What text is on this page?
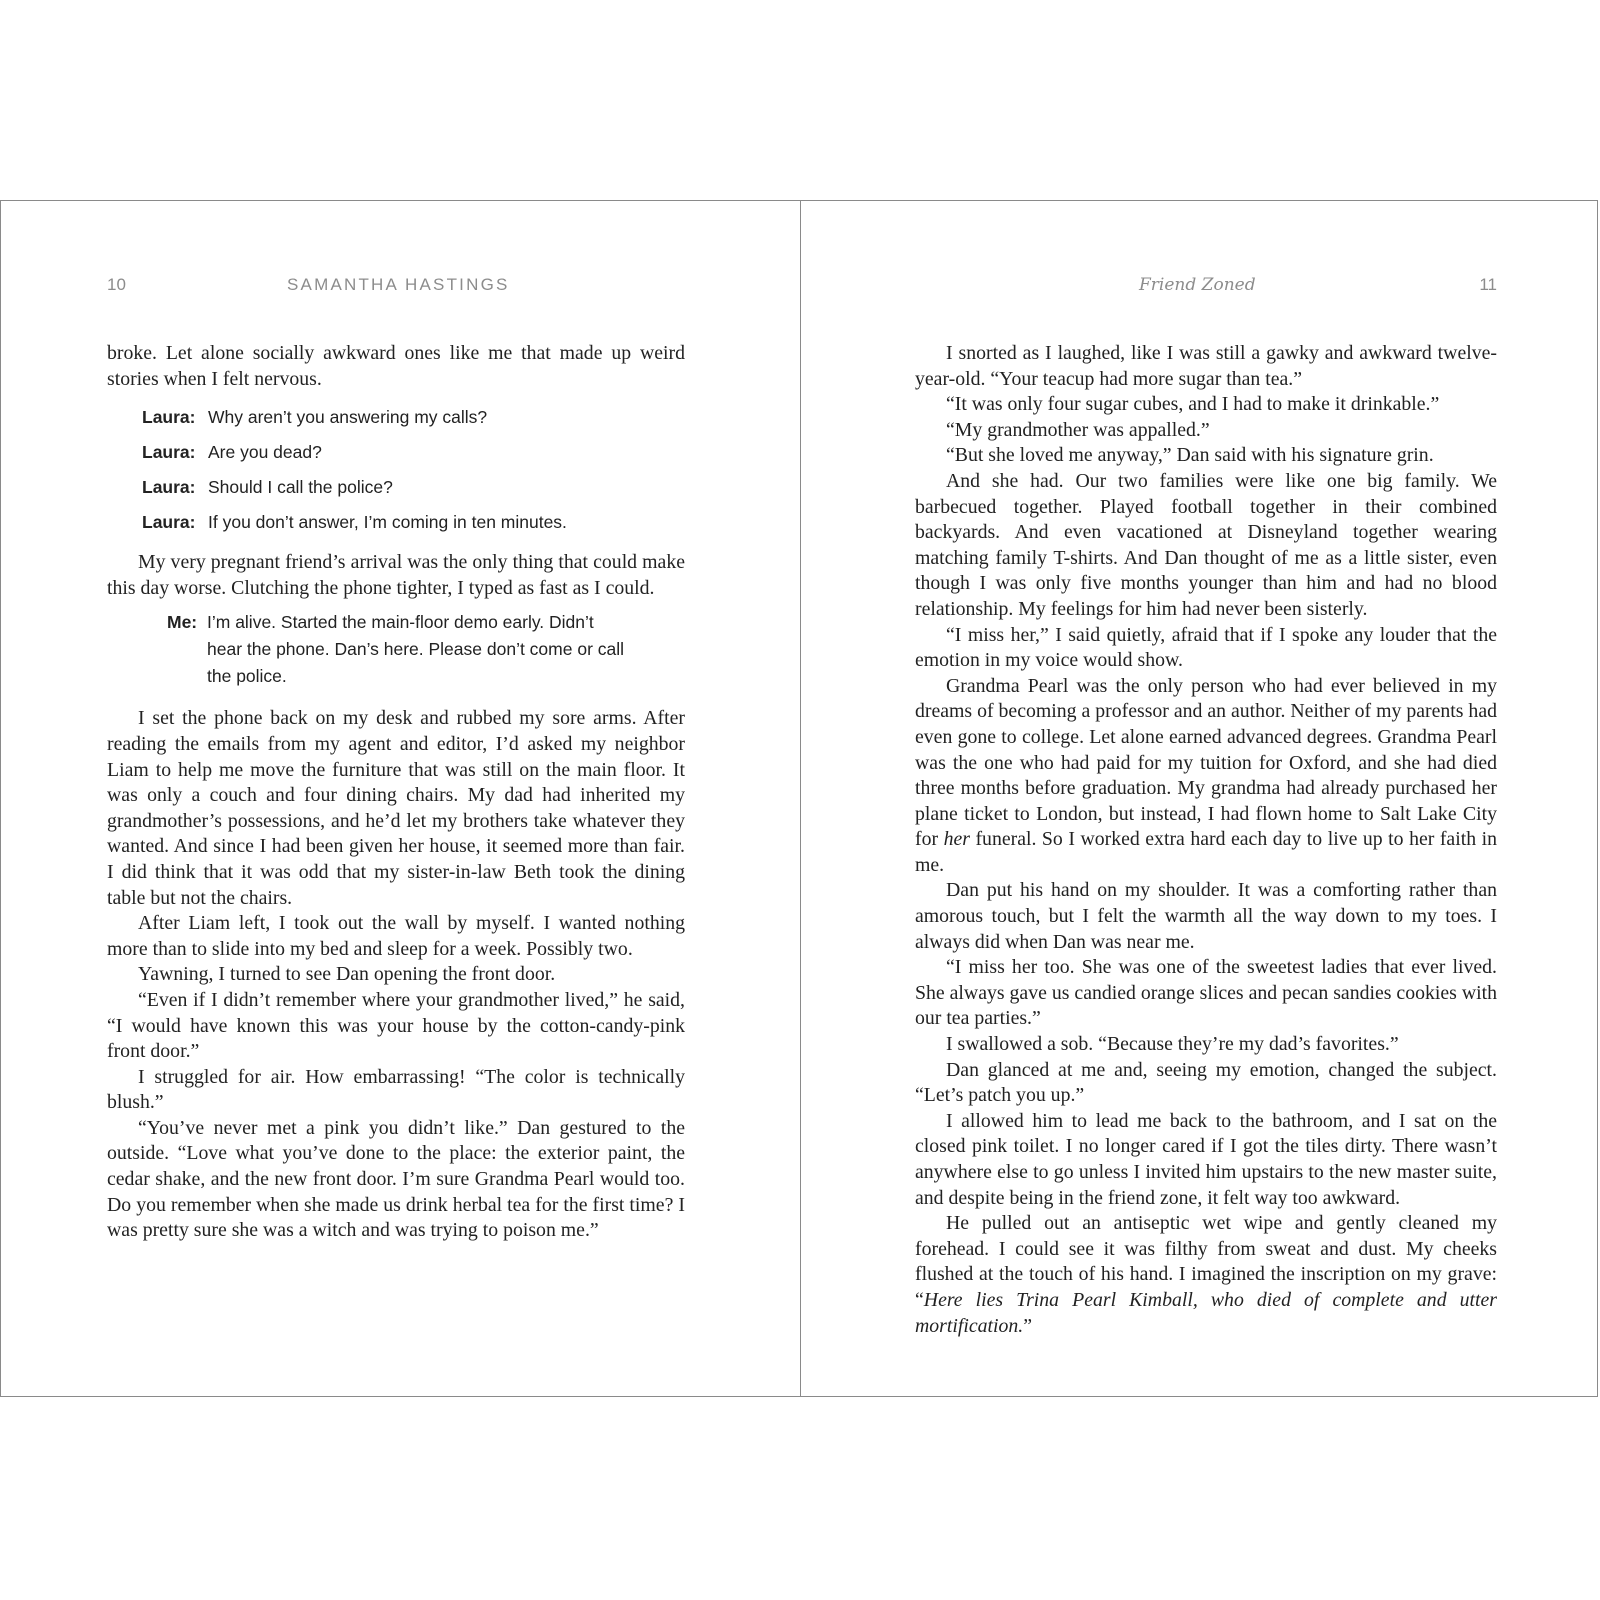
10	SAMANTHA HASTINGS

broke. Let alone socially awkward ones like me that made up weird stories when I felt nervous.

Laura: Why aren’t you answering my calls?
Laura: Are you dead?
Laura: Should I call the police?
Laura: If you don’t answer, I’m coming in ten minutes.

My very pregnant friend’s arrival was the only thing that could make this day worse. Clutching the phone tighter, I typed as fast as I could.

Me: I’m alive. Started the main-floor demo early. Didn’t
hear the phone. Dan’s here. Please don’t come or call
the police.

I set the phone back on my desk and rubbed my sore arms. After reading the emails from my agent and editor, I’d asked my neighbor Liam to help me move the furniture that was still on the main floor. It was only a couch and four dining chairs. My dad had inherited my grandmother’s possessions, and he’d let my brothers take whatever they wanted. And since I had been given her house, it seemed more than fair. I did think that it was odd that my sister-in-law Beth took the dining table but not the chairs.

After Liam left, I took out the wall by myself. I wanted nothing more than to slide into my bed and sleep for a week. Possibly two.

Yawning, I turned to see Dan opening the front door.

“Even if I didn’t remember where your grandmother lived,” he said, “I would have known this was your house by the cotton-candy-pink front door.”

I struggled for air. How embarrassing! “The color is technically blush.”

“You’ve never met a pink you didn’t like.” Dan gestured to the outside. “Love what you’ve done to the place: the exterior paint, the cedar shake, and the new front door. I’m sure Grandma Pearl would too. Do you remember when she made us drink herbal tea for the first time? I was pretty sure she was a witch and was trying to poison me.”

Friend Zoned	11

I snorted as I laughed, like I was still a gawky and awkward twelve-year-old. “Your teacup had more sugar than tea.”

“It was only four sugar cubes, and I had to make it drinkable.”

“My grandmother was appalled.”

“But she loved me anyway,” Dan said with his signature grin.

And she had. Our two families were like one big family. We barbecued together. Played football together in their combined backyards. And even vacationed at Disneyland together wearing matching family T-shirts. And Dan thought of me as a little sister, even though I was only five months younger than him and had no blood relationship. My feelings for him had never been sisterly.

“I miss her,” I said quietly, afraid that if I spoke any louder that the emotion in my voice would show.

Grandma Pearl was the only person who had ever believed in my dreams of becoming a professor and an author. Neither of my parents had even gone to college. Let alone earned advanced degrees. Grandma Pearl was the one who had paid for my tuition for Oxford, and she had died three months before graduation. My grandma had already purchased her plane ticket to London, but instead, I had flown home to Salt Lake City for her funeral. So I worked extra hard each day to live up to her faith in me.

Dan put his hand on my shoulder. It was a comforting rather than amorous touch, but I felt the warmth all the way down to my toes. I always did when Dan was near me.

“I miss her too. She was one of the sweetest ladies that ever lived. She always gave us candied orange slices and pecan sandies cookies with our tea parties.”

I swallowed a sob. “Because they’re my dad’s favorites.”

Dan glanced at me and, seeing my emotion, changed the subject. “Let’s patch you up.”

I allowed him to lead me back to the bathroom, and I sat on the closed pink toilet. I no longer cared if I got the tiles dirty. There wasn’t anywhere else to go unless I invited him upstairs to the new master suite, and despite being in the friend zone, it felt way too awkward.

He pulled out an antiseptic wet wipe and gently cleaned my forehead. I could see it was filthy from sweat and dust. My cheeks flushed at the touch of his hand. I imagined the inscription on my grave: “Here lies Trina Pearl Kimball, who died of complete and utter mortification.”
